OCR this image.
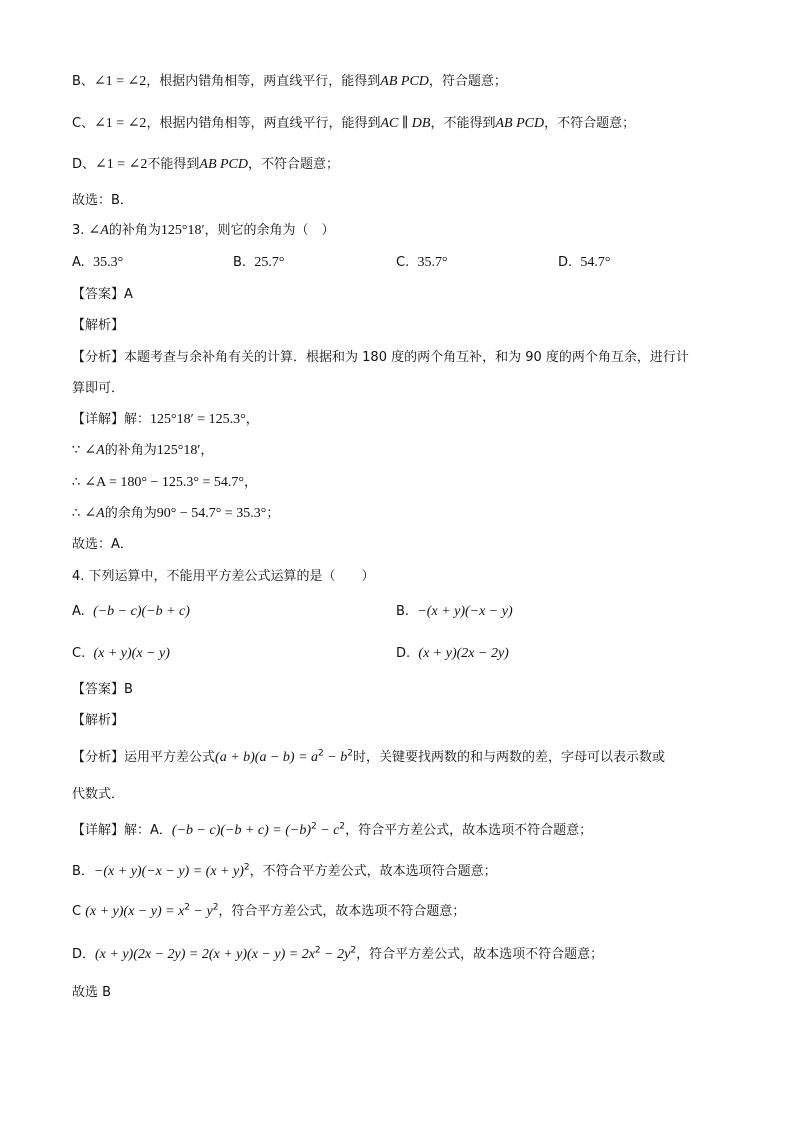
B、∠1 = ∠2，根据内错角相等，两直线平行，能得到AB PCD，符合题意；
C、∠1 = ∠2，根据内错角相等，两直线平行，能得到AC ∥ DB，不能得到AB PCD，不符合题意；
D、∠1 = ∠2不能得到AB PCD，不符合题意；
故选：B．
3. ∠A的补角为125°18′，则它的余角为（　）
A. 35.3°	B. 25.7°	C. 35.7°	D. 54.7°
【答案】A
【解析】
【分析】本题考查与余补角有关的计算．根据和为 180 度的两个角互补，和为 90 度的两个角互余，进行计
算即可．
【详解】解：125°18′ = 125.3°，
∵ ∠A的补角为125°18′，
∴ ∠A = 180° − 125.3° = 54.7°，
∴ ∠A的余角为90° − 54.7° = 35.3°；
故选：A．
4. 下列运算中，不能用平方差公式运算的是（　　）
A. (−b − c)(−b + c)	B. −(x + y)(−x − y)
C. (x + y)(x − y)	D. (x + y)(2x − 2y)
【答案】B
【解析】
【分析】运用平方差公式$(a + b)(a - b) = a^2 - b^2$时，关键要找两数的和与两数的差，字母可以表示数或
代数式．
【详解】解：A．$(-b - c)(-b + c) = (-b)^2 - c^2$，符合平方差公式，故本选项不符合题意；
B．$-(x + y)(-x - y) = (x + y)^2$，不符合平方差公式，故本选项符合题意；
C $(x + y)(x - y) = x^2 - y^2$，符合平方差公式，故本选项不符合题意；
D．$(x + y)(2x - 2y) = 2(x + y)(x - y) = 2x^2 - 2y^2$，符合平方差公式，故本选项不符合题意；
故选 B
